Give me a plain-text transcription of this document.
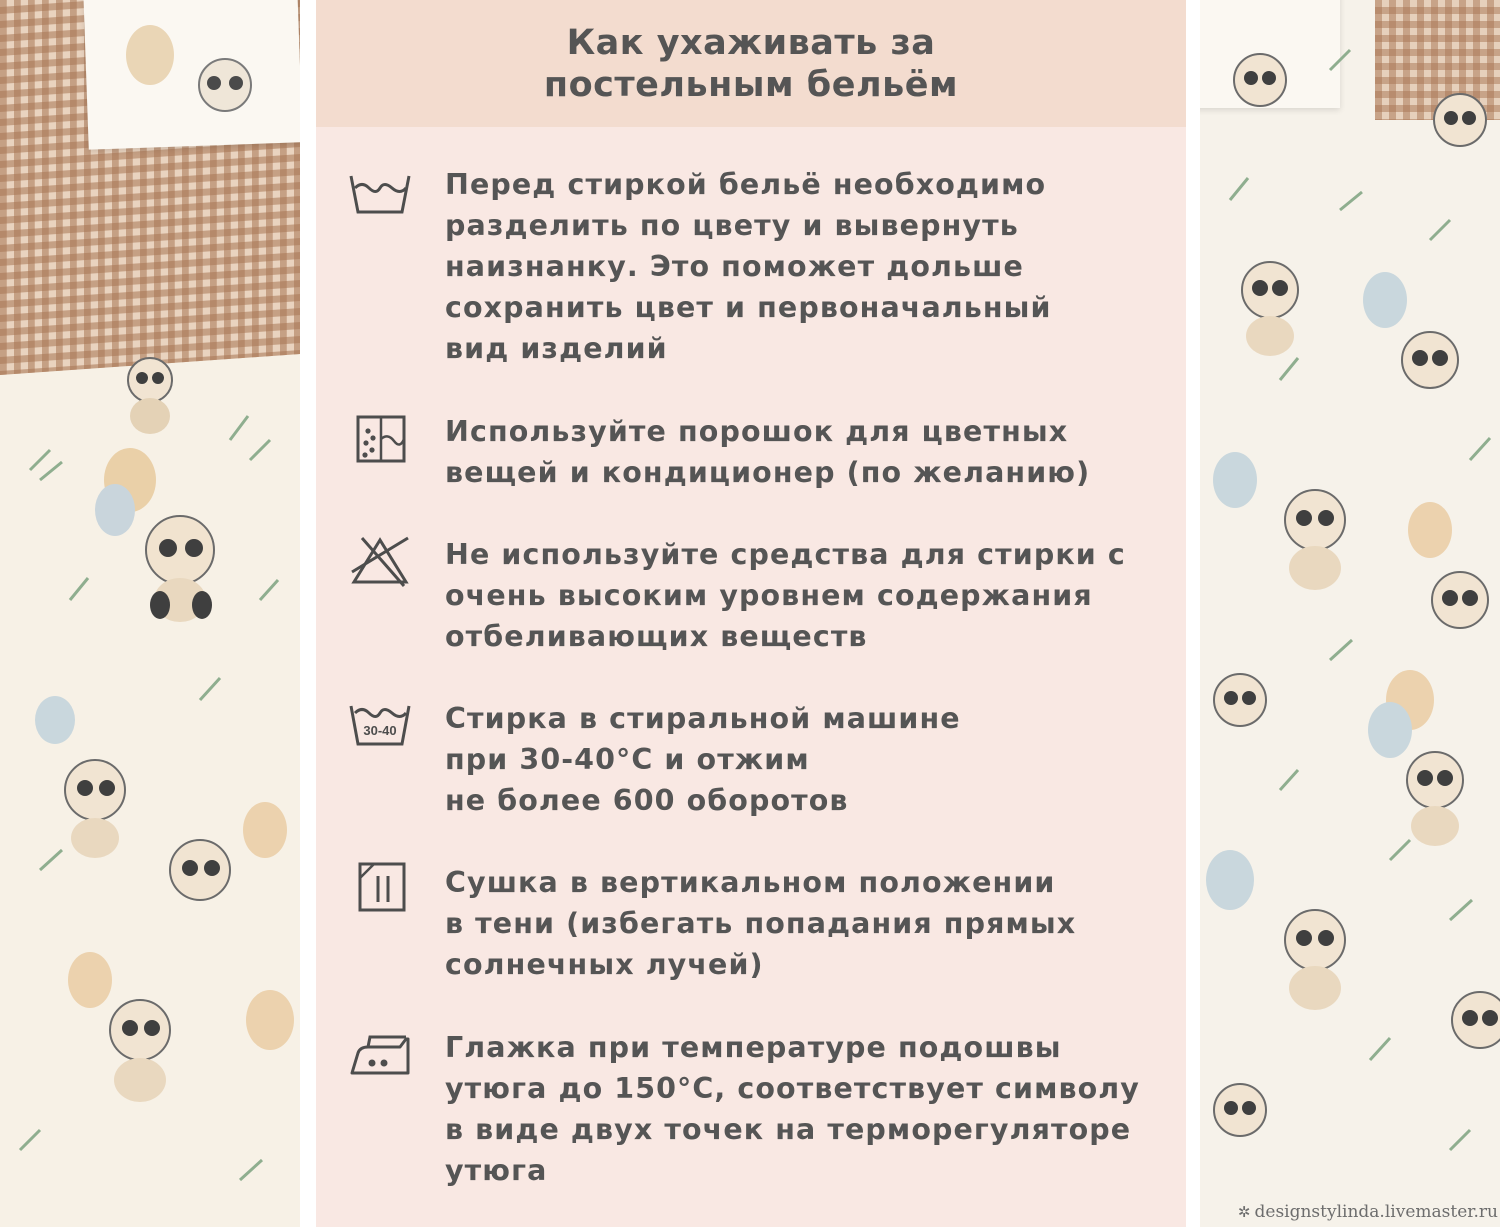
Как ухаживать за
постельным бельём

Перед стиркой бельё необходимо
разделить по цвету и вывернуть
наизнанку. Это поможет дольше
сохранить цвет и первоначальный
вид изделий

Используйте порошок для цветных
вещей и кондиционер (по желанию)

Не используйте средства для стирки с
очень высоким уровнем содержания
отбеливающих веществ

30-40 Стирка в стиральной машине
при 30-40°С и отжим
не более 600 оборотов

Сушка в вертикальном положении
в тени (избегать попадания прямых
солнечных лучей)

Глажка при температуре подошвы
утюга до 150°С, соответствует символу
в виде двух точек на терморегуляторе
утюга

✲ designstylinda.livemaster.ru
